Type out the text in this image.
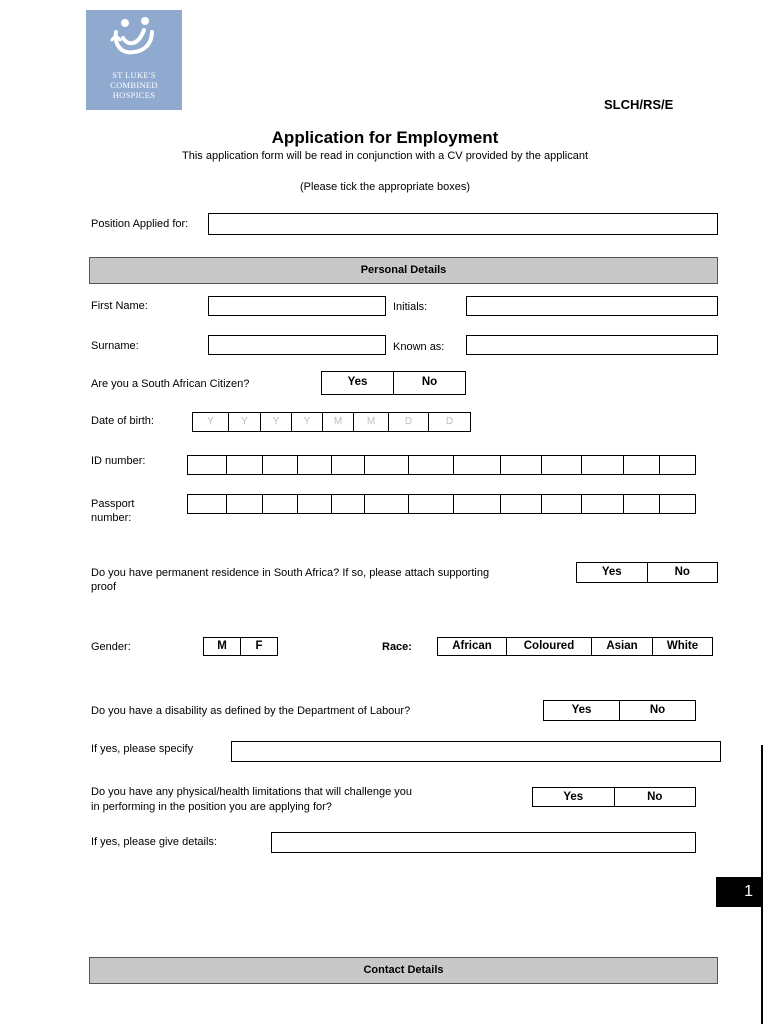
ST LUKE'S
COMBINED
HOSPICES
SLCH/RS/E
Application for Employment
This application form will be read in conjunction with a CV provided by the applicant
(Please tick the appropriate boxes)
Position Applied for:
Personal Details
First Name:	Initials:
Surname:	Known as:
Are you a South African Citizen?	Yes	No
Date of birth:	Y	Y	Y	Y	M	M	D	D
ID number:
Passport
number:
Do you have permanent residence in South Africa? If so, please attach supporting
proof
Yes	No
Gender:	M	F	Race:	African	Coloured	Asian	White
Do you have a disability as defined by the Department of Labour?	Yes	No
If yes, please specify
Do you have any physical/health limitations that will challenge you
in performing in the position you are applying for?
Yes	No
If yes, please give details:
1
Contact Details
